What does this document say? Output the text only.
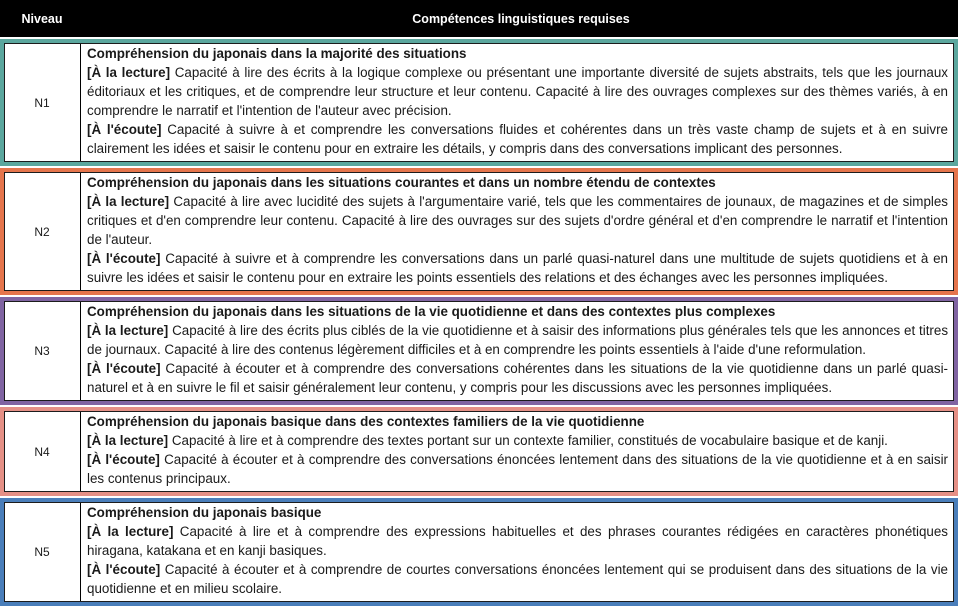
Niveau	Compétences linguistiques requises
N1

Compréhension du japonais dans la majorité des situations

[À la lecture] Capacité à lire des écrits à la logique complexe ou présentant une importante diversité de sujets abstraits, tels que les journaux éditoriaux et les critiques, et de comprendre leur structure et leur contenu. Capacité à lire des ouvrages complexes sur des thèmes variés, à en comprendre le narratif et l'intention de l'auteur avec précision.

[À l'écoute] Capacité à suivre à et comprendre les conversations fluides et cohérentes dans un très vaste champ de sujets et à en suivre clairement les idées et saisir le contenu pour en extraire les détails, y compris dans des conversations implicant des personnes.

N2

Compréhension du japonais dans les situations courantes et dans un nombre étendu de contextes

[À la lecture] Capacité à lire avec lucidité des sujets à l'argumentaire varié, tels que les commentaires de jounaux, de magazines et de simples critiques et d'en comprendre leur contenu. Capacité à lire des ouvrages sur des sujets d'ordre général et d'en comprendre le narratif et l'intention de l'auteur.

[À l'écoute] Capacité à suivre et à comprendre les conversations dans un parlé quasi-naturel dans une multitude de sujets quotidiens et à en suivre les idées et saisir le contenu pour en extraire les points essentiels des relations et des échanges avec les personnes impliquées.

N3

Compréhension du japonais dans les situations de la vie quotidienne et dans des contextes plus complexes

[À la lecture] Capacité à lire des écrits plus ciblés de la vie quotidienne et à saisir des informations plus générales tels que les annonces et titres de journaux. Capacité à lire des contenus légèrement difficiles et à en comprendre les points essentiels à l'aide d'une reformulation.

[À l'écoute] Capacité à écouter et à comprendre des conversations cohérentes dans les situations de la vie quotidienne dans un parlé quasi-naturel et à en suivre le fil et saisir généralement leur contenu, y compris pour les discussions avec les personnes impliquées.

N4

Compréhension du japonais basique dans des contextes familiers de la vie quotidienne

[À la lecture] Capacité à lire et à comprendre des textes portant sur un contexte familier, constitués de vocabulaire basique et de kanji.

[À l'écoute] Capacité à écouter et à comprendre des conversations énoncées lentement dans des situations de la vie quotidienne et à en saisir les contenus principaux.

N5

Compréhension du japonais basique

[À la lecture] Capacité à lire et à comprendre des expressions habituelles et des phrases courantes rédigées en caractères phonétiques hiragana, katakana et en kanji basiques.

[À l'écoute] Capacité à écouter et à comprendre de courtes conversations énoncées lentement qui se produisent dans des situations de la vie quotidienne et en milieu scolaire.
